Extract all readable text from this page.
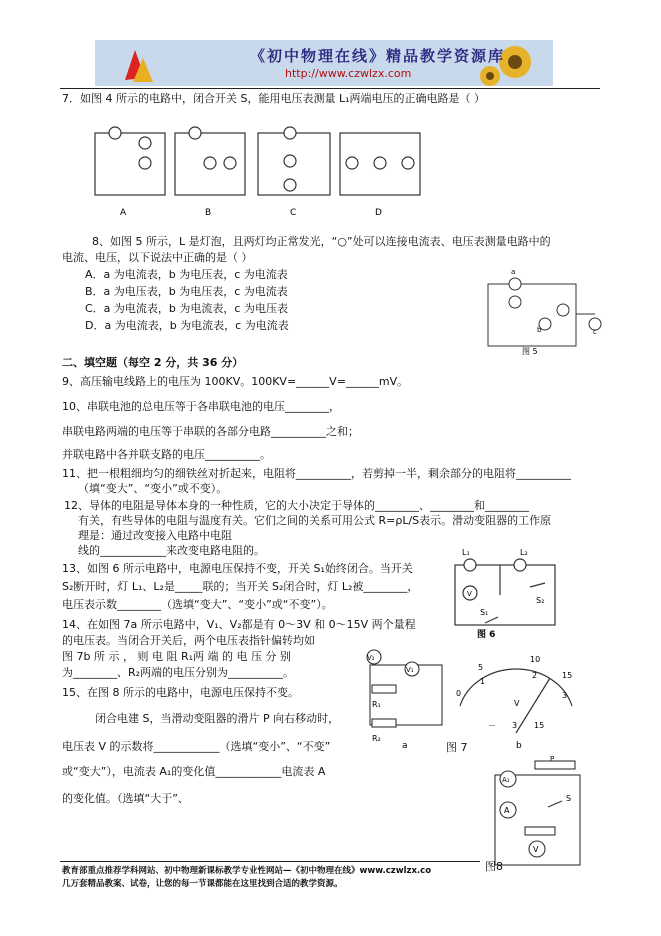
《初中物理在线》精品教学资源库
http://www.czwlzx.com
7．如图 4 所示的电路中，闭合开关 S，能用电压表测量 L₁两端电压的正确电路是（ ）
A	B	C	D
8、如图 5 所示，L 是灯泡，且两灯均正常发光，“○”处可以连接电流表、电压表测量电路中的
电流、电压，以下说法中正确的是（ ）
A．a 为电流表，b 为电压表，c 为电流表
B．a 为电压表，b 为电压表，c 为电流表
C．a 为电流表，b 为电流表，c 为电压表
D．a 为电流表，b 为电流表，c 为电流表
a
b	c
图 5
二、填空题（每空 2 分，共 36 分）
9、高压输电线路上的电压为 100KV。100KV=______V=______mV。
10、串联电池的总电压等于各串联电池的电压________，
串联电路两端的电压等于串联的各部分电路__________之和；
并联电路中各并联支路的电压__________。
11、把一根粗细均匀的细铁丝对折起来，电阻将__________，若剪掉一半，剩余部分的电阻将__________
（填“变大”、“变小”或不变）。
12、导体的电阻是导体本身的一种性质，它的大小决定于导体的________、________和________
有关，有些导体的电阻与温度有关。它们之间的关系可用公式 R=ρL/S表示。滑动变阻器的工作原
理是：通过改变接入电路中电阻
线的____________来改变电路电阻的。
13、如图 6 所示电路中，电源电压保持不变，开关 S₁始终闭合。当开关
S₂断开时，灯 L₁、L₂是_____联的；当开关 S₂闭合时，灯 L₂被________，
电压表示数________（选填“变大”、“变小”或“不变”）。
L₁	L₂
V
S₁
S₂
图 6
14、在如图 7a 所示电路中，V₁、V₂都是有 0～3V 和 0～15V 两个量程
的电压表。当闭合开关后，两个电压表指针偏转均如
图 7b 所 示 ， 则 电 阻 R₁两 端 的 电 压 分 别
为________、R₂两端的电压分别为__________。
15、在图 8 所示的电路中，电源电压保持不变。
V₂
V₁
R₁
R₂
a
5
10
15
0
1
2
3
V
－ 3 15
b
图 7
闭合电建 S，当滑动变阻器的滑片 P 向右移动时，
电压表 V 的示数将____________（选填“变小”、“不变”
或“变大”），电流表 A₁的变化值____________电流表 A
的变化值。（选填“大于”、
A₁
A
V
S
P
图8
教育部重点推荐学科网站、初中物理新课标教学专业性网站—《初中物理在线》www.czwlzx.co
几万套精品教案、试卷，让您的每一节课都能在这里找到合适的教学资源。
